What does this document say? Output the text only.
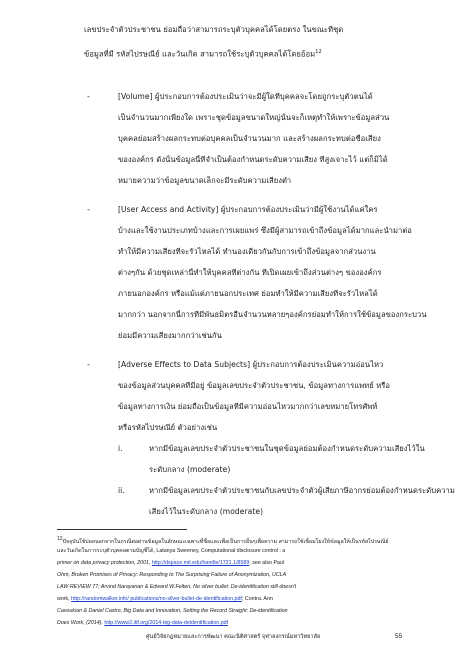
เลขประจำตัวประชาชน ย่อมถือว่าสามารถระบุตัวบุคคลได้โดยตรง ในขณะที่ชุด
ข้อมูลที่มี รหัสไปรษณีย์ และวันเกิด สามารถใช้ระบุตัวบุคคลได้โดยอ้อม$^{12}$
-	[Volume] ผู้ประกอบการต้องประเมินว่าจะมีผู้ใดที่บุคคลจะโดยถูกระบุตัวตนได้
เป็นจำนวนมากเพียงใด เพราะชุดข้อมูลขนาดใหญ่นั้นจะก็เหตุทำให้เพราะข้อมูลส่วน
บุคคลย่อมสร้างผลกระทบต่อบุคคลเป็นจำนวนมาก และสร้างผลกระทบต่อชื่อเสียง
ขององค์กร ดังนั้นข้อมูลนี้ที่จำเป็นต้องกำหนดระดับความเสี่ยง ที่สูงเจาะไว้ แต่ก็มิได้
หมายความว่าข้อมูลขนาดเล็กจะมีระดับความเสี่ยงต่ำ
-	[User Access and Activity] ผู้ประกอบการต้องประเมินว่ามีผู้ใช้งานได้แค่ใคร
บ้างและใช้งานประเภทบ้างและการเผยแพร่ ซึ่งมีผู้สามารถเข้าถึงข้อมูลได้มากและนำมาต่อ
ทำให้มีความเสี่ยงที่จะรั่วไหลได้ ทำนองเดียวกันกับการเข้าถึงข้อมูลจากส่วนงาน
ต่างๆกัน ด้วยชุดเหล่านี้ทำให้บุคคลที่ต่างกัน ที่เปิดเผยเข้าถึงส่วนต่างๆ ขององค์กร
ภายนอกองค์กร หรือแม้แต่ภายนอกประเทศ ย่อมทำให้มีความเสี่ยงที่จะรั่วไหลได้
มากกว่า นอกจากนี้การที่มีพันธมิตรอื่นจำนวนหลายๆองค์กรย่อมทำให้การใช้ข้อมูลของกระบวน
ย่อมมีความเสี่ยงมากกว่าเช่นกัน
-	[Adverse Effects to Data Subjects] ผู้ประกอบการต้องประเมินความอ่อนไหว
ของข้อมูลส่วนบุคคลที่มีอยู่ ข้อมูลเลขประจำตัวประชาชน, ข้อมูลทางการแพทย์ หรือ
ข้อมูลทางการเงิน ย่อมถือเป็นข้อมูลที่มีความอ่อนไหวมากกว่าเลขหมายโทรศัพท์
หรือรหัสไปรษณีย์ ตัวอย่างเช่น
i.	หากมีข้อมูลเลขประจำตัวประชาชนในชุดข้อมูลย่อมต้องกำหนดระดับความเสี่ยงไว้ใน
ระดับกลาง (moderate)
ii.	หากมีข้อมูลเลขประจำตัวประชาชนกับเลขประจำตัวผู้เสียภาษีอากรย่อมต้องกำหนดระดับความ
เสี่ยงไว้ในระดับกลาง (moderate)
12ปัจจุบันใช้บ่อยนอกจากในกรณีต่อผ่านข้อมูลในลักษณะเฉพาะที่ชื่อและเพื่อเป็นการอื่นๆเพื่อความ สามารถใช้เชื่อมโยงให้ข้อมูลให้เป็นรหัสไปรษณีย์
และวันเกิดในการระบุตัวบุคคลตามบัญชีได้, Latanya Sweeney, Computational disclosure control : a
primer on data privacy protection, 2001, http://dspace.mit.edu/handle/1721.1/8589; see also Paul
Ohm, Broken Promises of Privacy: Responding to The Surprising Failure of Anonymization, UCLA
LAW REVIEW 77; Arvind Narayanan & Edward W.Felten, No silver bullet: De-identification still doesn't
work, http://randomwalker.info/ publications/no-silver-bullet-de-identification.pdf; Contra. Ann
Cavoukian & Daniel Castro, Big Data and Innovation, Setting the Record Straight: De-identification
Does Work, (2014), http://www2.itif.org/2014-big-data-deidentification.pdf
ศูนย์วิจัยกฎหมายและการพัฒนา คณะนิติศาสตร์ จุฬาลงกรณ์มหาวิทยาลัย	55
